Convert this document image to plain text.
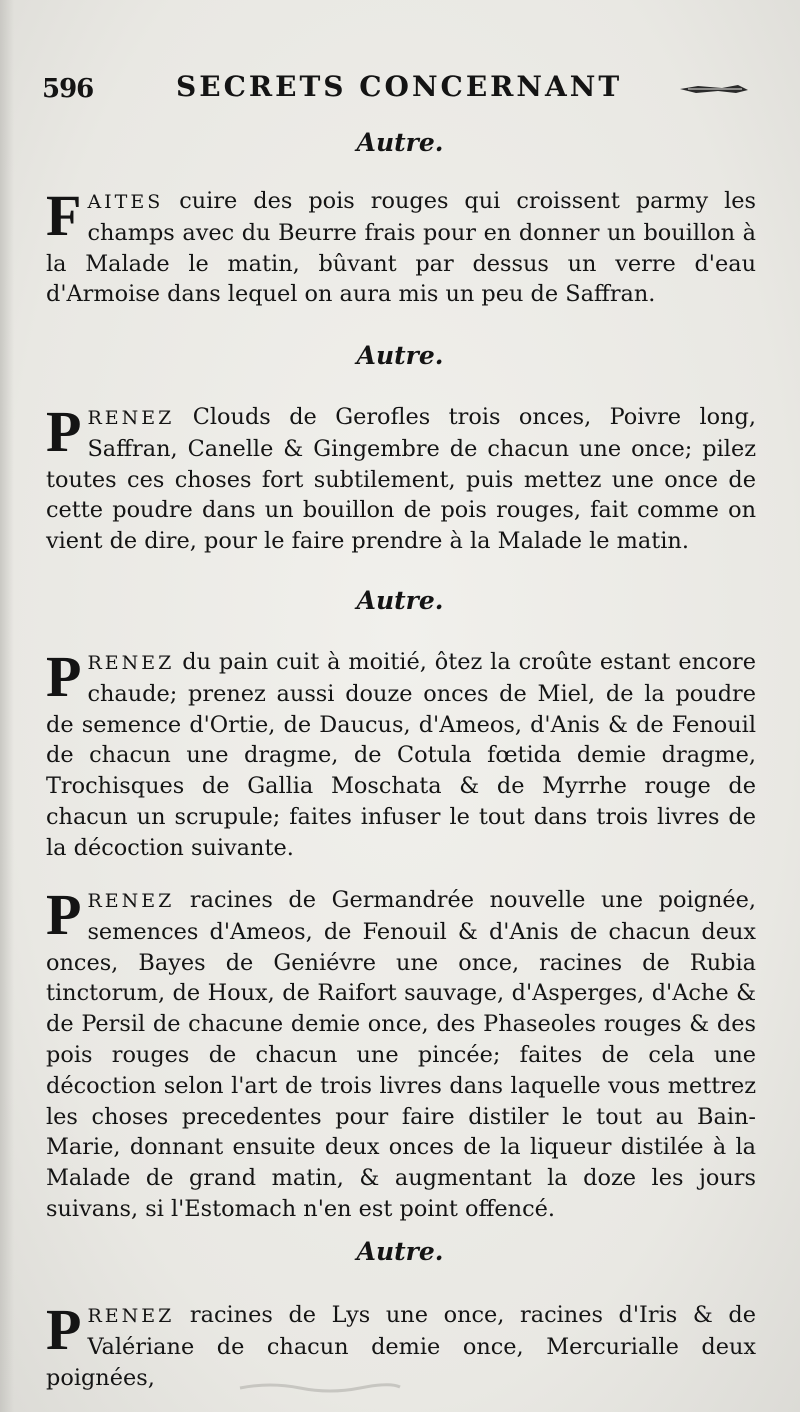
596	SECRETS CONCERNANT
Autre.
FAITES cuire des pois rouges qui croissent parmy les champs avec du Beurre frais pour en donner un bouillon à la Malade le matin, bûvant par dessus un verre d'eau d'Armoise dans lequel on aura mis un peu de Saffran.
Autre.
PRENEZ Clouds de Gerofles trois onces, Poivre long, Saffran, Canelle & Gingembre de chacun une once; pilez toutes ces choses fort subtilement, puis mettez une once de cette poudre dans un bouillon de pois rouges, fait comme on vient de dire, pour le faire prendre à la Malade le matin.
Autre.
PRENEZ du pain cuit à moitié, ôtez la croûte estant encore chaude; prenez aussi douze onces de Miel, de la poudre de semence d'Ortie, de Daucus, d'Ameos, d'Anis & de Fenouil de chacun une dragme, de Cotula fœtida demie dragme, Trochisques de Gallia Moschata & de Myrrhe rouge de chacun un scrupule; faites infuser le tout dans trois livres de la décoction suivante.
PRENEZ racines de Germandrée nouvelle une poignée, semences d'Ameos, de Fenouil & d'Anis de chacun deux onces, Bayes de Geniévre une once, racines de Rubia tinctorum, de Houx, de Raifort sauvage, d'Asperges, d'Ache & de Persil de chacune demie once, des Phaseoles rouges & des pois rouges de chacun une pincée; faites de cela une décoction selon l'art de trois livres dans laquelle vous mettrez les choses precedentes pour faire distiler le tout au Bain-Marie, donnant ensuite deux onces de la liqueur distilée à la Malade de grand matin, & augmentant la doze les jours suivans, si l'Estomach n'en est point offencé.
Autre.
PRENEZ racines de Lys une once, racines d'Iris & de Valériane de chacun demie once, Mercurialle deux poignées,
